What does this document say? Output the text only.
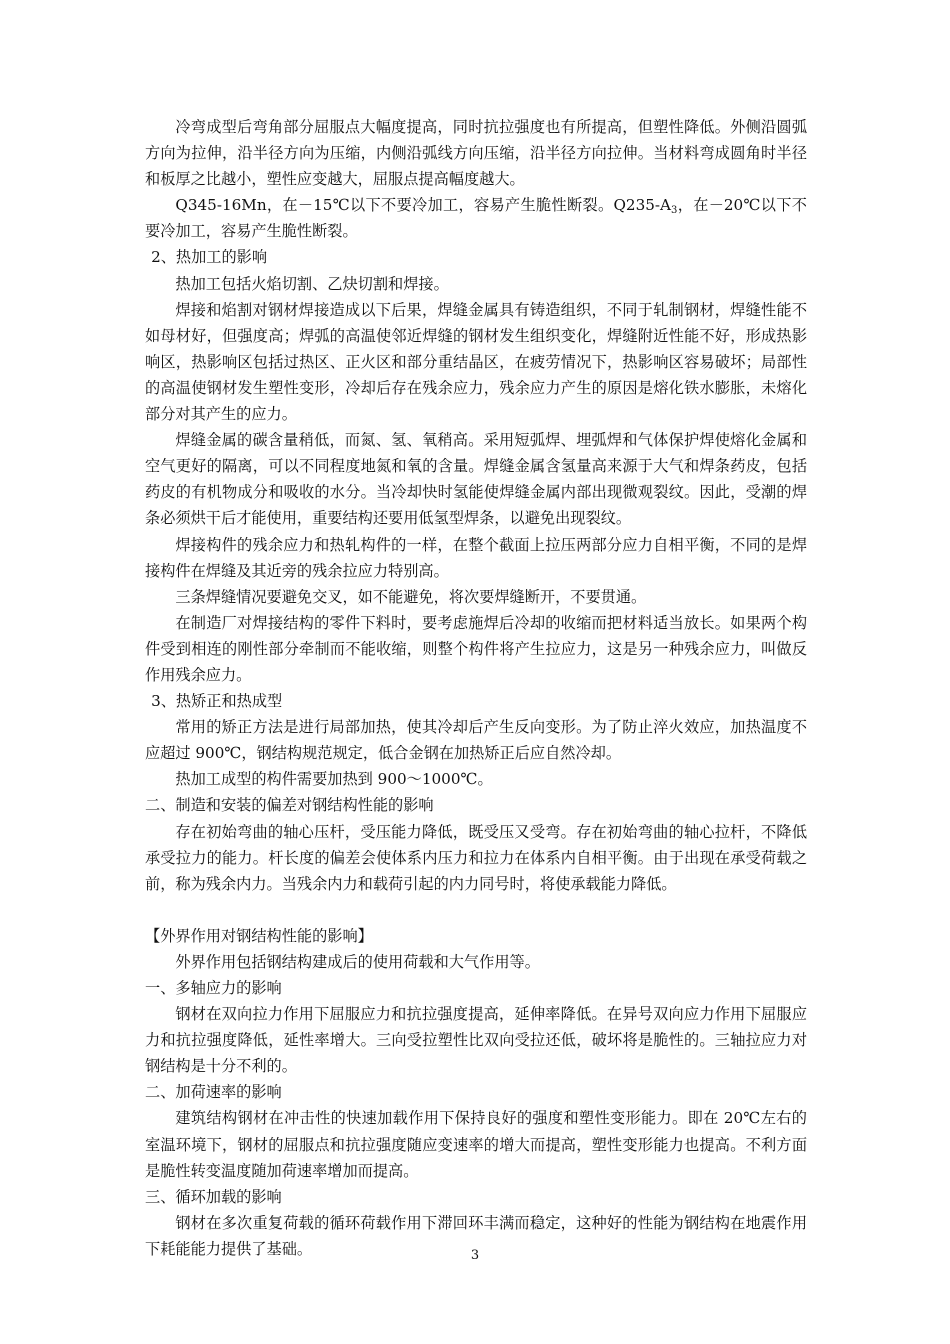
冷弯成型后弯角部分屈服点大幅度提高，同时抗拉强度也有所提高，但塑性降低。外侧沿圆弧方向为拉伸，沿半径方向为压缩，内侧沿弧线方向压缩，沿半径方向拉伸。当材料弯成圆角时半径和板厚之比越小，塑性应变越大，屈服点提高幅度越大。

Q345-16Mn，在－15℃以下不要冷加工，容易产生脆性断裂。$Q235-A_3$，在－20℃以下不要冷加工，容易产生脆性断裂。

2、热加工的影响

热加工包括火焰切割、乙炔切割和焊接。

焊接和焰割对钢材焊接造成以下后果，焊缝金属具有铸造组织，不同于轧制钢材，焊缝性能不如母材好，但强度高；焊弧的高温使邻近焊缝的钢材发生组织变化，焊缝附近性能不好，形成热影响区，热影响区包括过热区、正火区和部分重结晶区，在疲劳情况下，热影响区容易破坏；局部性的高温使钢材发生塑性变形，冷却后存在残余应力，残余应力产生的原因是熔化铁水膨胀，未熔化部分对其产生的应力。

焊缝金属的碳含量稍低，而氮、氢、氧稍高。采用短弧焊、埋弧焊和气体保护焊使熔化金属和空气更好的隔离，可以不同程度地氮和氧的含量。焊缝金属含氢量高来源于大气和焊条药皮，包括药皮的有机物成分和吸收的水分。当冷却快时氢能使焊缝金属内部出现微观裂纹。因此，受潮的焊条必须烘干后才能使用，重要结构还要用低氢型焊条，以避免出现裂纹。

焊接构件的残余应力和热轧构件的一样，在整个截面上拉压两部分应力自相平衡，不同的是焊接构件在焊缝及其近旁的残余拉应力特别高。

三条焊缝情况要避免交叉，如不能避免，将次要焊缝断开，不要贯通。

在制造厂对焊接结构的零件下料时，要考虑施焊后冷却的收缩而把材料适当放长。如果两个构件受到相连的刚性部分牵制而不能收缩，则整个构件将产生拉应力，这是另一种残余应力，叫做反作用残余应力。

3、热矫正和热成型

常用的矫正方法是进行局部加热，使其冷却后产生反向变形。为了防止淬火效应，加热温度不应超过 900℃，钢结构规范规定，低合金钢在加热矫正后应自然冷却。

热加工成型的构件需要加热到 900～1000℃。

二、制造和安装的偏差对钢结构性能的影响

存在初始弯曲的轴心压杆，受压能力降低，既受压又受弯。存在初始弯曲的轴心拉杆，不降低承受拉力的能力。杆长度的偏差会使体系内压力和拉力在体系内自相平衡。由于出现在承受荷载之前，称为残余内力。当残余内力和载荷引起的内力同号时，将使承载能力降低。

【外界作用对钢结构性能的影响】

外界作用包括钢结构建成后的使用荷载和大气作用等。

一、多轴应力的影响

钢材在双向拉力作用下屈服应力和抗拉强度提高，延伸率降低。在异号双向应力作用下屈服应力和抗拉强度降低，延性率增大。三向受拉塑性比双向受拉还低，破坏将是脆性的。三轴拉应力对钢结构是十分不利的。

二、加荷速率的影响

建筑结构钢材在冲击性的快速加载作用下保持良好的强度和塑性变形能力。即在 20℃左右的室温环境下，钢材的屈服点和抗拉强度随应变速率的增大而提高，塑性变形能力也提高。不利方面是脆性转变温度随加荷速率增加而提高。

三、循环加载的影响

钢材在多次重复荷载的循环荷载作用下滞回环丰满而稳定，这种好的性能为钢结构在地震作用下耗能能力提供了基础。	3
